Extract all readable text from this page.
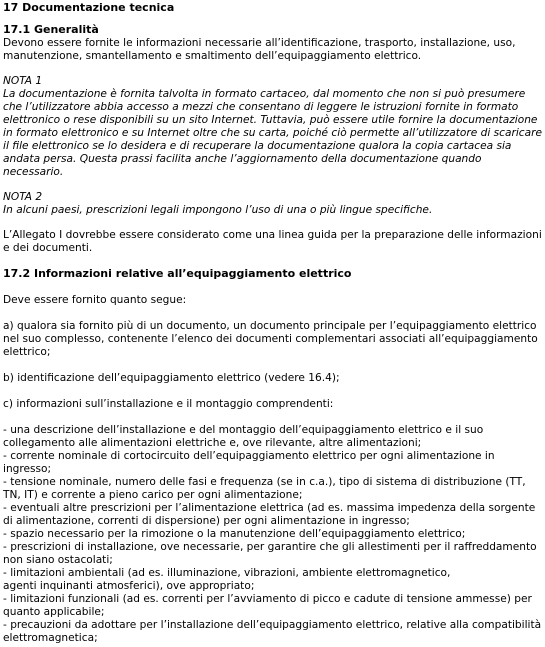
17 Documentazione tecnica
17.1 Generalità

Devono essere fornite le informazioni necessarie all’identificazione, trasporto, installazione, uso, manutenzione, smantellamento e smaltimento dell’equipaggiamento elettrico.

NOTA 1

La documentazione è fornita talvolta in formato cartaceo, dal momento che non si può presumere che l’utilizzatore abbia accesso a mezzi che consentano di leggere le istruzioni fornite in formato elettronico o rese disponibili su un sito Internet. Tuttavia, può essere utile fornire la documentazione in formato elettronico e su Internet oltre che su carta, poiché ciò permette all’utilizzatore di scaricare il file elettronico se lo desidera e di recuperare la documentazione qualora la copia cartacea sia andata persa. Questa prassi facilita anche l’aggiornamento della documentazione quando necessario.

NOTA 2

In alcuni paesi, prescrizioni legali impongono l’uso di una o più lingue specifiche.

L’Allegato I dovrebbe essere considerato come una linea guida per la preparazione delle informazioni e dei documenti.

17.2 Informazioni relative all’equipaggiamento elettrico

Deve essere fornito quanto segue:

a) qualora sia fornito più di un documento, un documento principale per l’equipaggiamento elettrico nel suo complesso, contenente l’elenco dei documenti complementari associati all’equipaggiamento elettrico;

b) identificazione dell’equipaggiamento elettrico (vedere 16.4);

c) informazioni sull’installazione e il montaggio comprendenti:

- una descrizione dell’installazione e del montaggio dell’equipaggiamento elettrico e il suo collegamento alle alimentazioni elettriche e, ove rilevante, altre alimentazioni;

- corrente nominale di cortocircuito dell’equipaggiamento elettrico per ogni alimentazione in ingresso;

- tensione nominale, numero delle fasi e frequenza (se in c.a.), tipo di sistema di distribuzione (TT, TN, IT) e corrente a pieno carico per ogni alimentazione;

- eventuali altre prescrizioni per l’alimentazione elettrica (ad es. massima impedenza della sorgente di alimentazione, correnti di dispersione) per ogni alimentazione in ingresso;

- spazio necessario per la rimozione o la manutenzione dell’equipaggiamento elettrico;

- prescrizioni di installazione, ove necessarie, per garantire che gli allestimenti per il raffreddamento non siano ostacolati;

- limitazioni ambientali (ad es. illuminazione, vibrazioni, ambiente elettromagnetico,

agenti inquinanti atmosferici), ove appropriato;

- limitazioni funzionali (ad es. correnti per l’avviamento di picco e cadute di tensione ammesse) per quanto applicabile;

- precauzioni da adottare per l’installazione dell’equipaggiamento elettrico, relative alla compatibilità elettromagnetica;
